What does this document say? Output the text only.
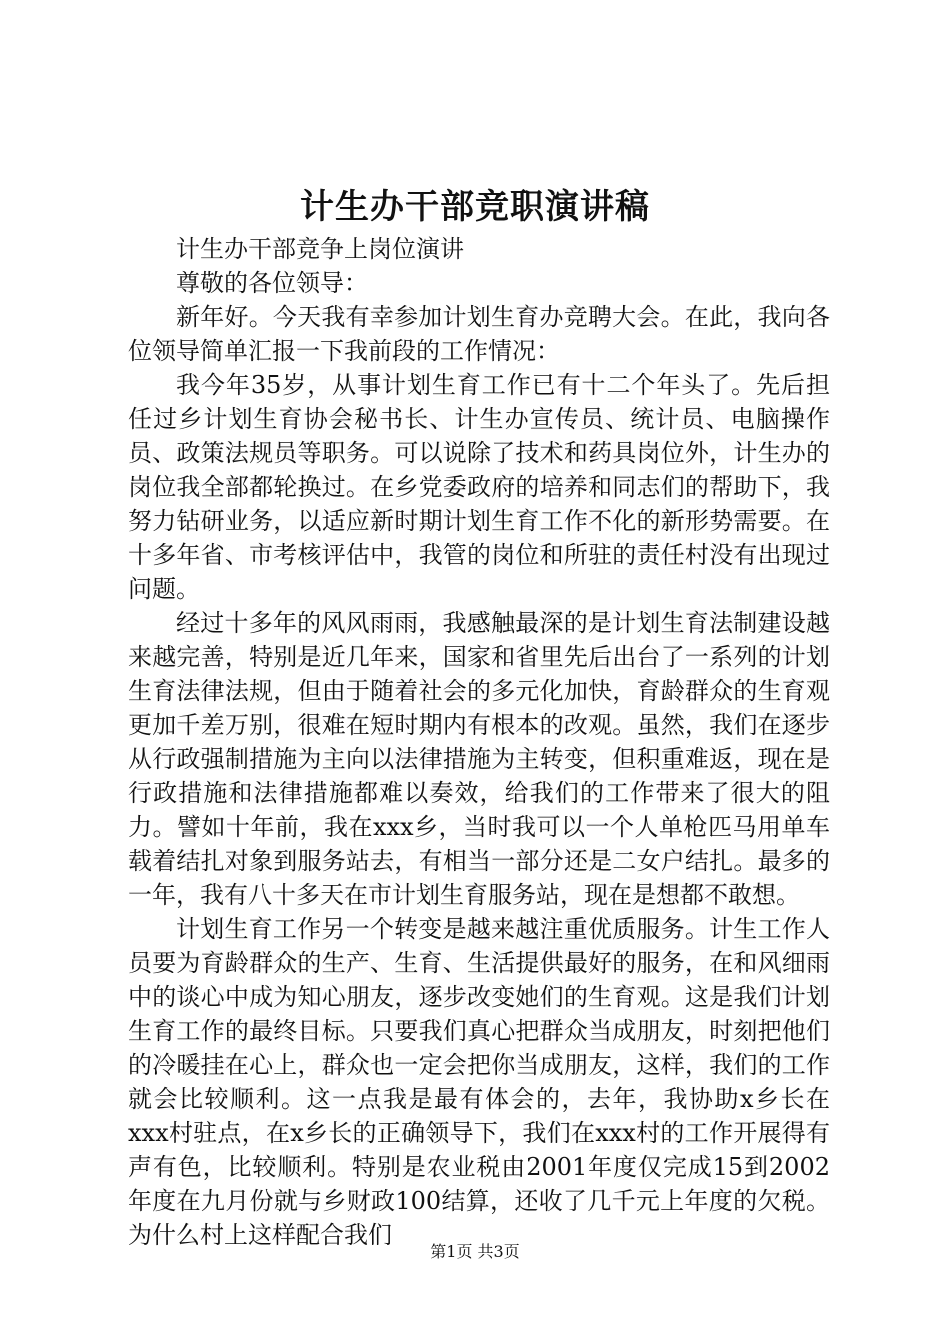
计生办干部竞职演讲稿

计生办干部竞争上岗位演讲

尊敬的各位领导：

新年好。今天我有幸参加计划生育办竞聘大会。在此，我向各位领导简单汇报一下我前段的工作情况：

我今年35岁，从事计划生育工作已有十二个年头了。先后担任过乡计划生育协会秘书长、计生办宣传员、统计员、电脑操作员、政策法规员等职务。可以说除了技术和药具岗位外，计生办的岗位我全部都轮换过。在乡党委政府的培养和同志们的帮助下，我努力钻研业务，以适应新时期计划生育工作不化的新形势需要。在十多年省、市考核评估中，我管的岗位和所驻的责任村没有出现过问题。

经过十多年的风风雨雨，我感触最深的是计划生育法制建设越来越完善，特别是近几年来，国家和省里先后出台了一系列的计划生育法律法规，但由于随着社会的多元化加快，育龄群众的生育观更加千差万别，很难在短时期内有根本的改观。虽然，我们在逐步从行政强制措施为主向以法律措施为主转变，但积重难返，现在是行政措施和法律措施都难以奏效，给我们的工作带来了很大的阻力。譬如十年前，我在xxx乡，当时我可以一个人单枪匹马用单车载着结扎对象到服务站去，有相当一部分还是二女户结扎。最多的一年，我有八十多天在市计划生育服务站，现在是想都不敢想。

计划生育工作另一个转变是越来越注重优质服务。计生工作人员要为育龄群众的生产、生育、生活提供最好的服务，在和风细雨中的谈心中成为知心朋友，逐步改变她们的生育观。这是我们计划生育工作的最终目标。只要我们真心把群众当成朋友，时刻把他们的冷暖挂在心上，群众也一定会把你当成朋友，这样，我们的工作就会比较顺利。这一点我是最有体会的，去年，我协助x乡长在xxx村驻点，在x乡长的正确领导下，我们在xxx村的工作开展得有声有色，比较顺利。特别是农业税由2001年度仅完成15到2002年度在九月份就与乡财政100结算，还收了几千元上年度的欠税。为什么村上这样配合我们

第1页 共3页
